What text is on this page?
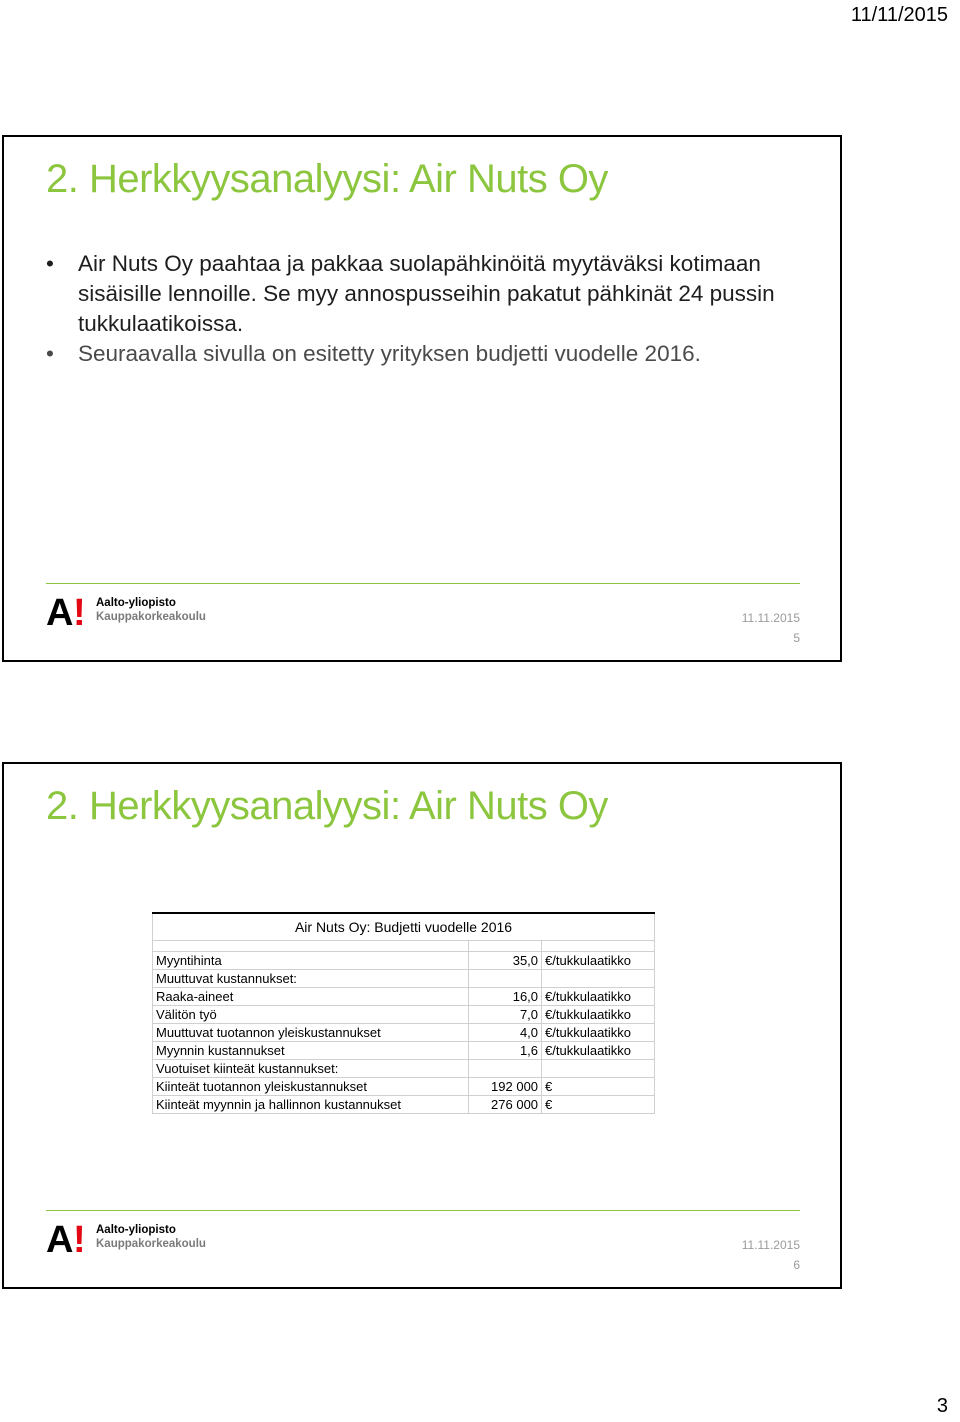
11/11/2015
2. Herkkyysanalyysi: Air Nuts Oy
• Air Nuts Oy paahtaa ja pakkaa suolapähkinöitä myytäväksi kotimaan sisäisille lennoille. Se myy annospusseihin pakatut pähkinät 24 pussin tukkulaatikoissa.
• Seuraavalla sivulla on esitetty yrityksen budjetti vuodelle 2016.
A ! Aalto-yliopisto
Kauppakorkeakoulu	11.11.2015
5
2. Herkkyysanalyysi: Air Nuts Oy
Air Nuts Oy: Budjetti vuodelle 2016		

Myyntihinta	35,0	€/tukkulaatikko
Muuttuvat kustannukset:		
Raaka-aineet	16,0	€/tukkulaatikko
Välitön työ	7,0	€/tukkulaatikko
Muuttuvat tuotannon yleiskustannukset	4,0	€/tukkulaatikko
Myynnin kustannukset	1,6	€/tukkulaatikko
Vuotuiset kiinteät kustannukset:		
Kiinteät tuotannon yleiskustannukset	192 000	€
Kiinteät myynnin ja hallinnon kustannukset	276 000	€
A ! Aalto-yliopisto
Kauppakorkeakoulu	11.11.2015
6
3
